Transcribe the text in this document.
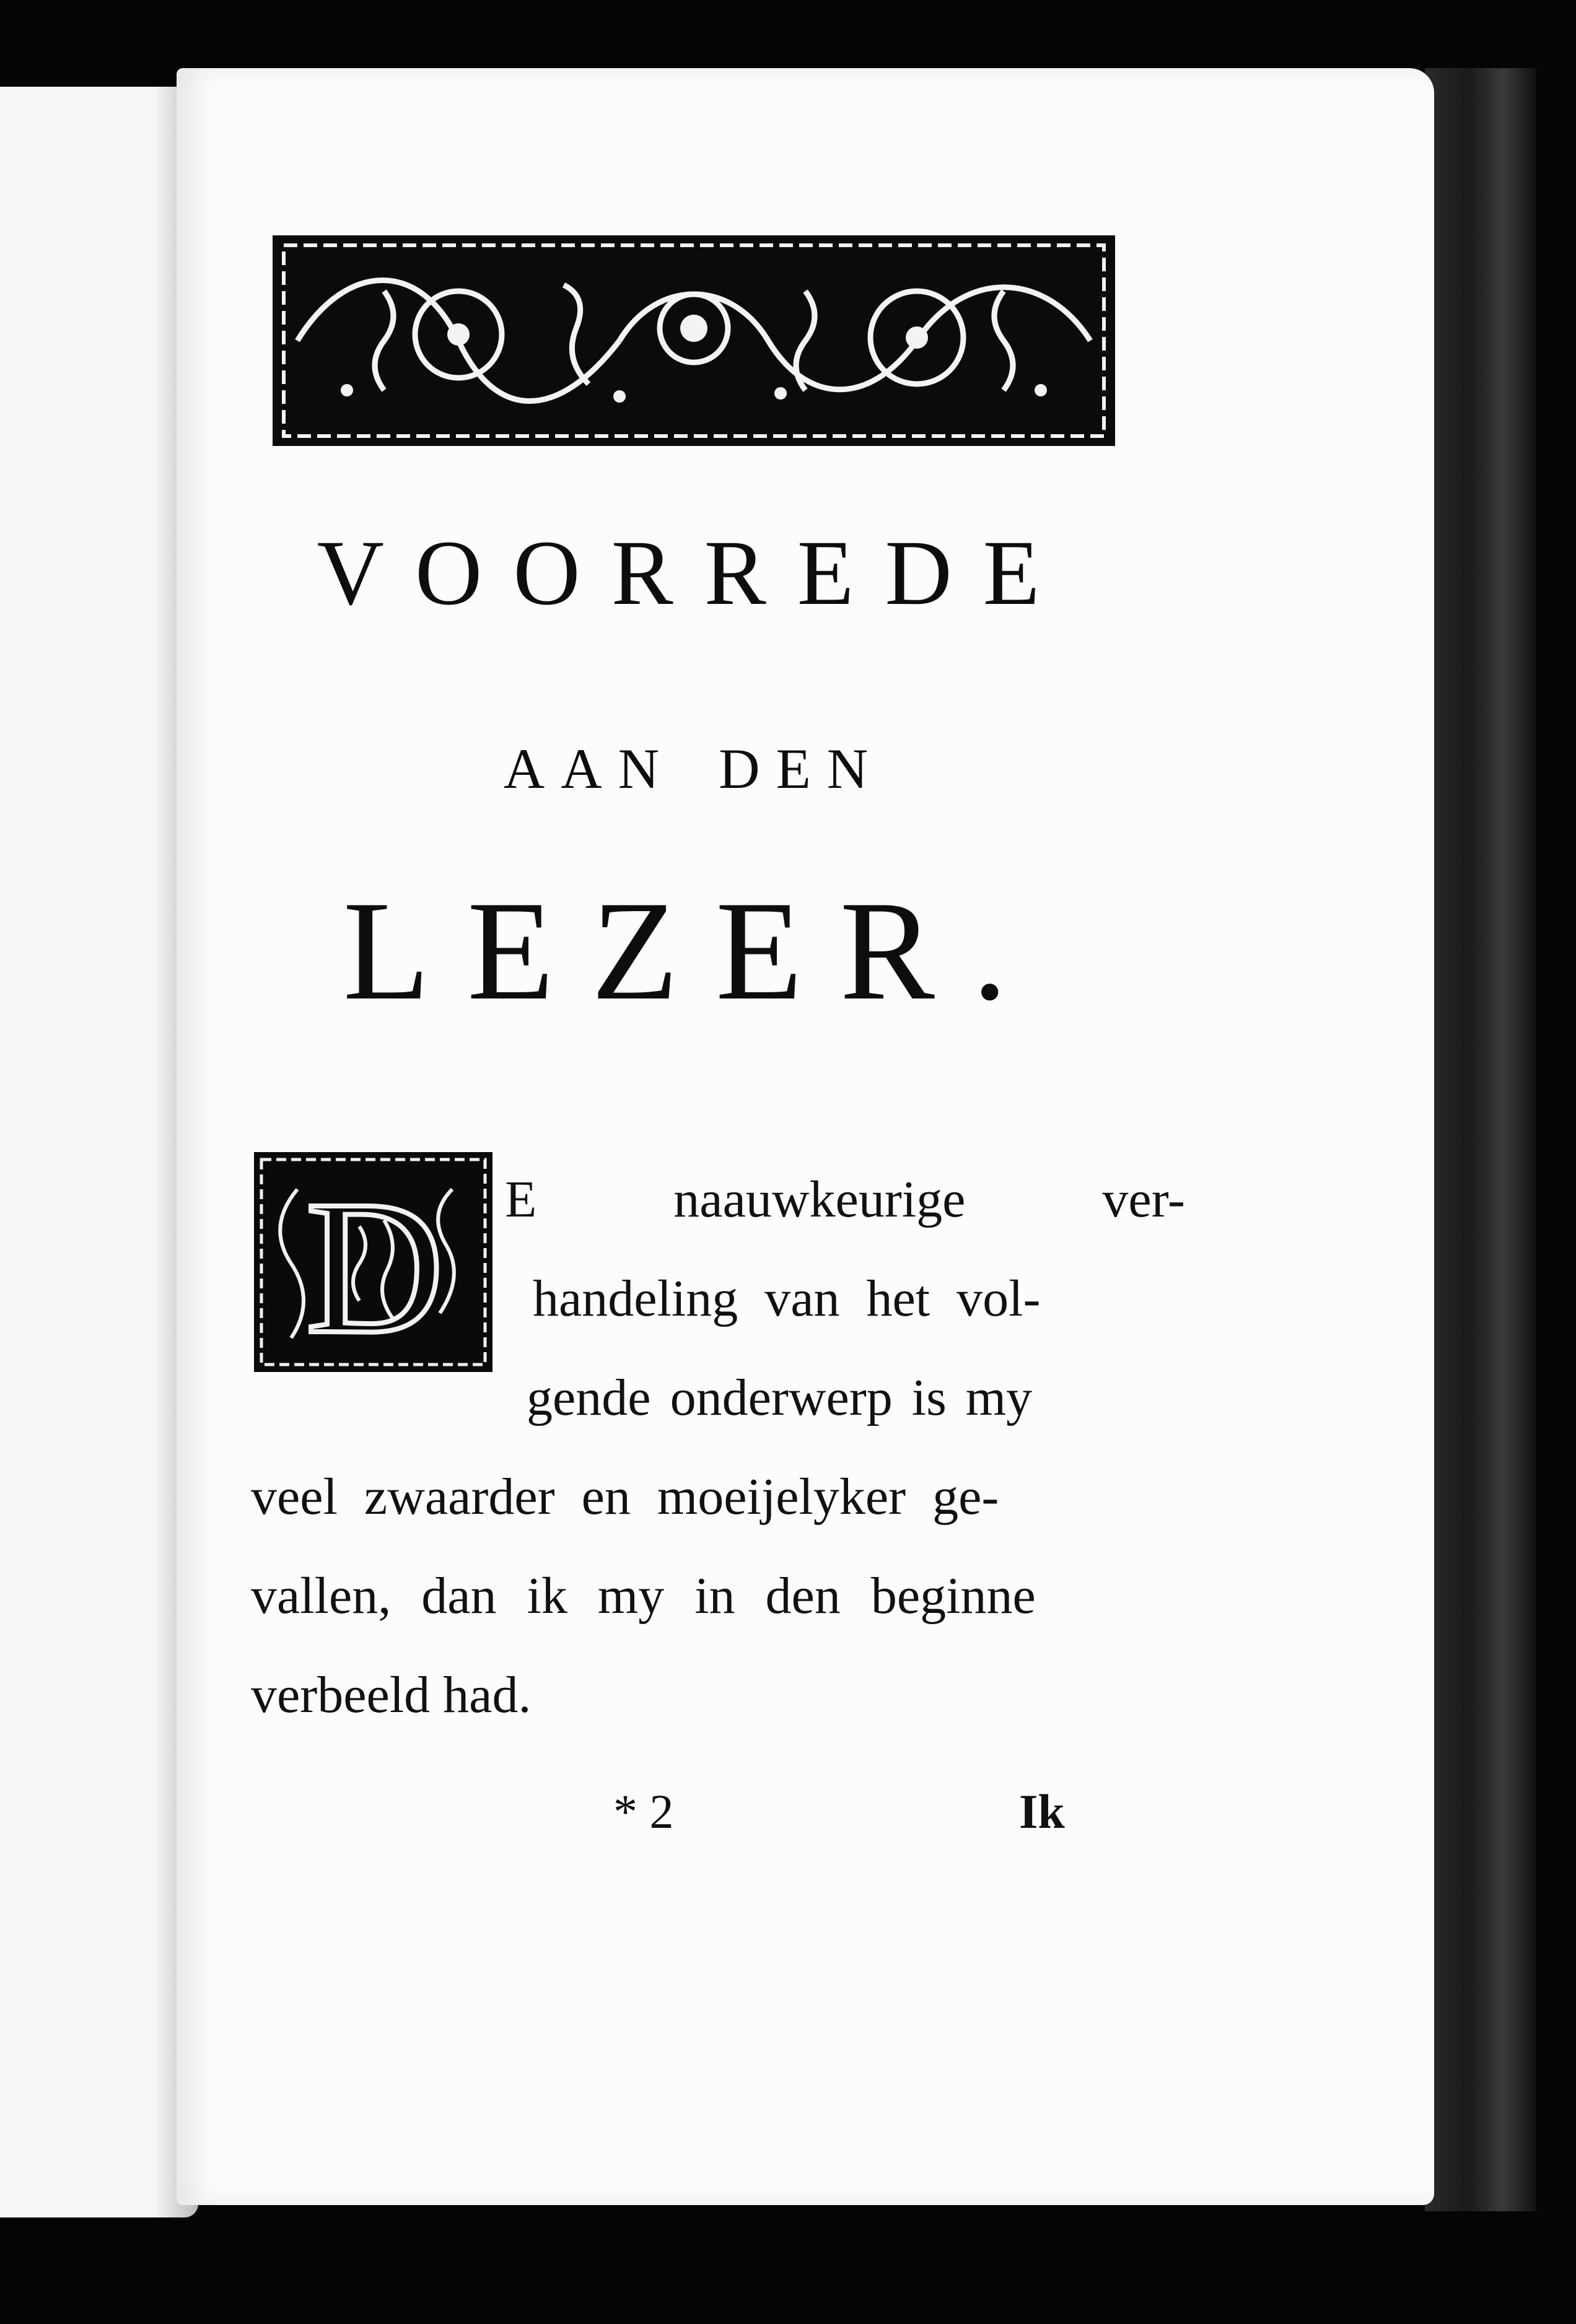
VOORREDE
AAN DEN
LEZER.
D E naauwkeurige ver-
handeling van het vol-
gende onderwerp is my
veel zwaarder en moeijelyker ge-
vallen, dan ik my in den beginne
verbeeld had.
* 2	Ik
